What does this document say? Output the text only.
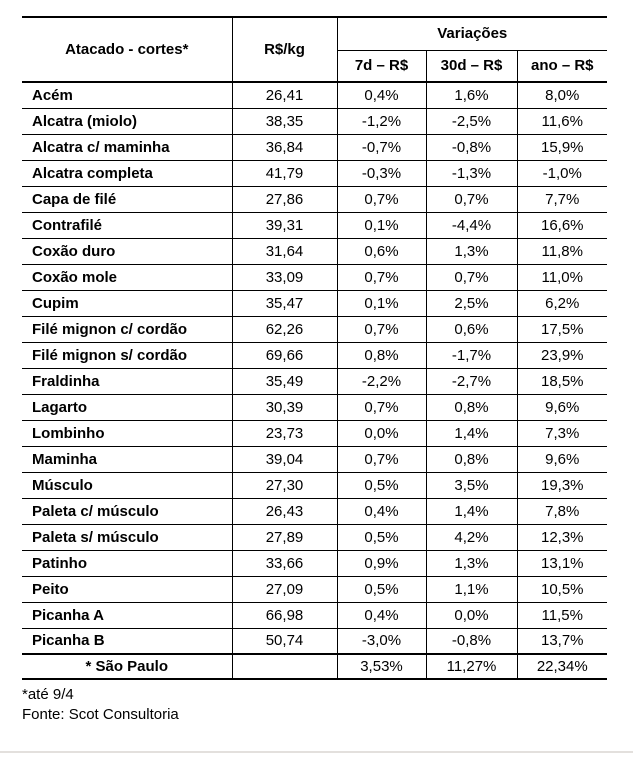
Atacado - cortes*	R$/kg	Variações		
		7d – R$	30d – R$	ano – R$
Acém	26,41	0,4%	1,6%	8,0%
Alcatra (miolo)	38,35	-1,2%	-2,5%	11,6%
Alcatra c/ maminha	36,84	-0,7%	-0,8%	15,9%
Alcatra completa	41,79	-0,3%	-1,3%	-1,0%
Capa de filé	27,86	0,7%	0,7%	7,7%
Contrafilé	39,31	0,1%	-4,4%	16,6%
Coxão duro	31,64	0,6%	1,3%	11,8%
Coxão mole	33,09	0,7%	0,7%	11,0%
Cupim	35,47	0,1%	2,5%	6,2%
Filé mignon c/ cordão	62,26	0,7%	0,6%	17,5%
Filé mignon s/ cordão	69,66	0,8%	-1,7%	23,9%
Fraldinha	35,49	-2,2%	-2,7%	18,5%
Lagarto	30,39	0,7%	0,8%	9,6%
Lombinho	23,73	0,0%	1,4%	7,3%
Maminha	39,04	0,7%	0,8%	9,6%
Músculo	27,30	0,5%	3,5%	19,3%
Paleta c/ músculo	26,43	0,4%	1,4%	7,8%
Paleta s/ músculo	27,89	0,5%	4,2%	12,3%
Patinho	33,66	0,9%	1,3%	13,1%
Peito	27,09	0,5%	1,1%	10,5%
Picanha A	66,98	0,4%	0,0%	11,5%
Picanha B	50,74	-3,0%	-0,8%	13,7%
* São Paulo		3,53%	11,27%	22,34%
*até 9/4
Fonte: Scot Consultoria
